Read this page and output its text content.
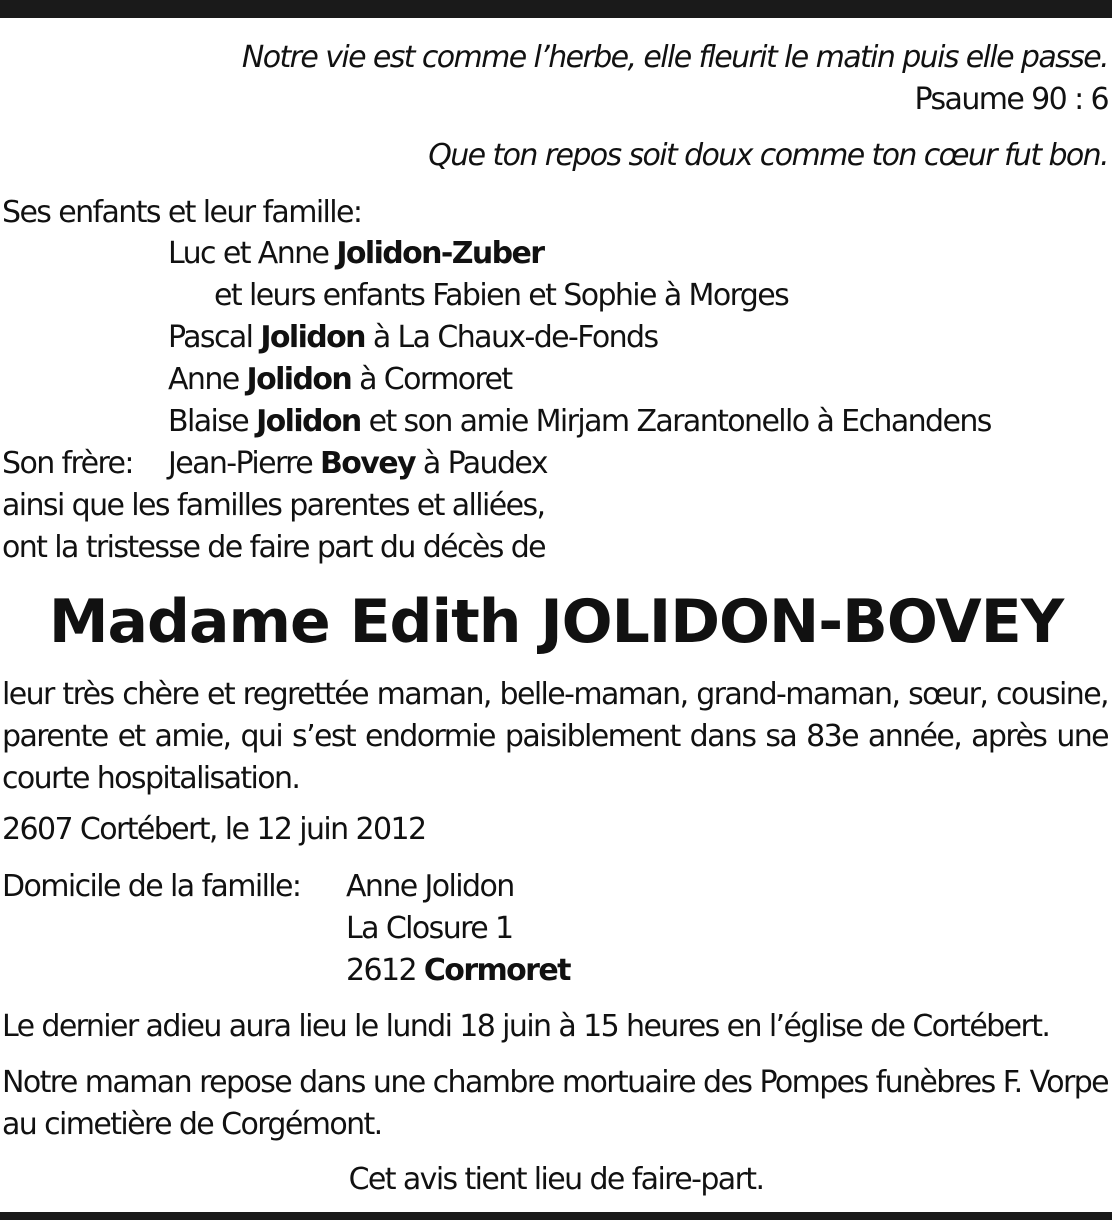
Notre vie est comme l’herbe, elle fleurit le matin puis elle passe.
Psaume 90 : 6
Que ton repos soit doux comme ton cœur fut bon.
Ses enfants et leur famille:
Luc et Anne Jolidon-Zuber
et leurs enfants Fabien et Sophie à Morges
Pascal Jolidon à La Chaux-de-Fonds
Anne Jolidon à Cormoret
Blaise Jolidon et son amie Mirjam Zarantonello à Echandens
Son frère: Jean-Pierre Bovey à Paudex
ainsi que les familles parentes et alliées,
ont la tristesse de faire part du décès de
Madame Edith JOLIDON-BOVEY
leur très chère et regrettée maman, belle-maman, grand-maman, sœur, cousine, parente et amie, qui s’est endormie paisiblement dans sa 83e année, après une courte hospitalisation.
2607 Cortébert, le 12 juin 2012
Domicile de la famille: Anne Jolidon
La Closure 1
2612 Cormoret
Le dernier adieu aura lieu le lundi 18 juin à 15 heures en l’église de Cortébert.
Notre maman repose dans une chambre mortuaire des Pompes funèbres F. Vorpe au cimetière de Corgémont.
Cet avis tient lieu de faire-part.
